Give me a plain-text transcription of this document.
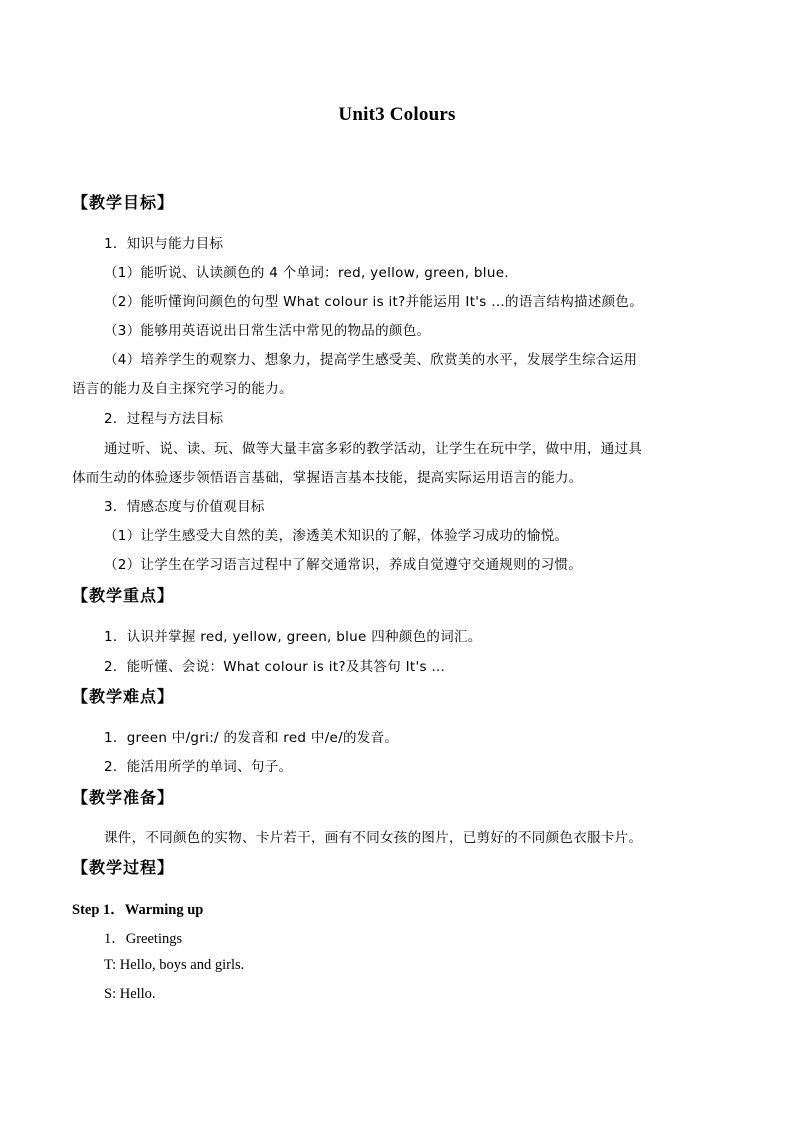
Unit3 Colours
【教学目标】
1．知识与能力目标
（1）能听说、认读颜色的 4 个单词：red, yellow, green, blue.
（2）能听懂询问颜色的句型 What colour is it?并能运用 It's …的语言结构描述颜色。
（3）能够用英语说出日常生活中常见的物品的颜色。
（4）培养学生的观察力、想象力，提高学生感受美、欣赏美的水平，发展学生综合运用
语言的能力及自主探究学习的能力。
2．过程与方法目标
通过听、说、读、玩、做等大量丰富多彩的教学活动，让学生在玩中学，做中用，通过具
体而生动的体验逐步领悟语言基础，掌握语言基本技能，提高实际运用语言的能力。
3．情感态度与价值观目标
（1）让学生感受大自然的美，渗透美术知识的了解，体验学习成功的愉悦。
（2）让学生在学习语言过程中了解交通常识，养成自觉遵守交通规则的习惯。
【教学重点】
1．认识并掌握 red, yellow, green, blue 四种颜色的词汇。
2．能听懂、会说：What colour is it?及其答句 It's …
【教学难点】
1．green 中/gri:/ 的发音和 red 中/e/的发音。
2．能活用所学的单词、句子。
【教学准备】
课件，不同颜色的实物、卡片若干，画有不同女孩的图片，已剪好的不同颜色衣服卡片。
【教学过程】
Step 1．Warming up
1．Greetings
T: Hello, boys and girls.
S: Hello.
